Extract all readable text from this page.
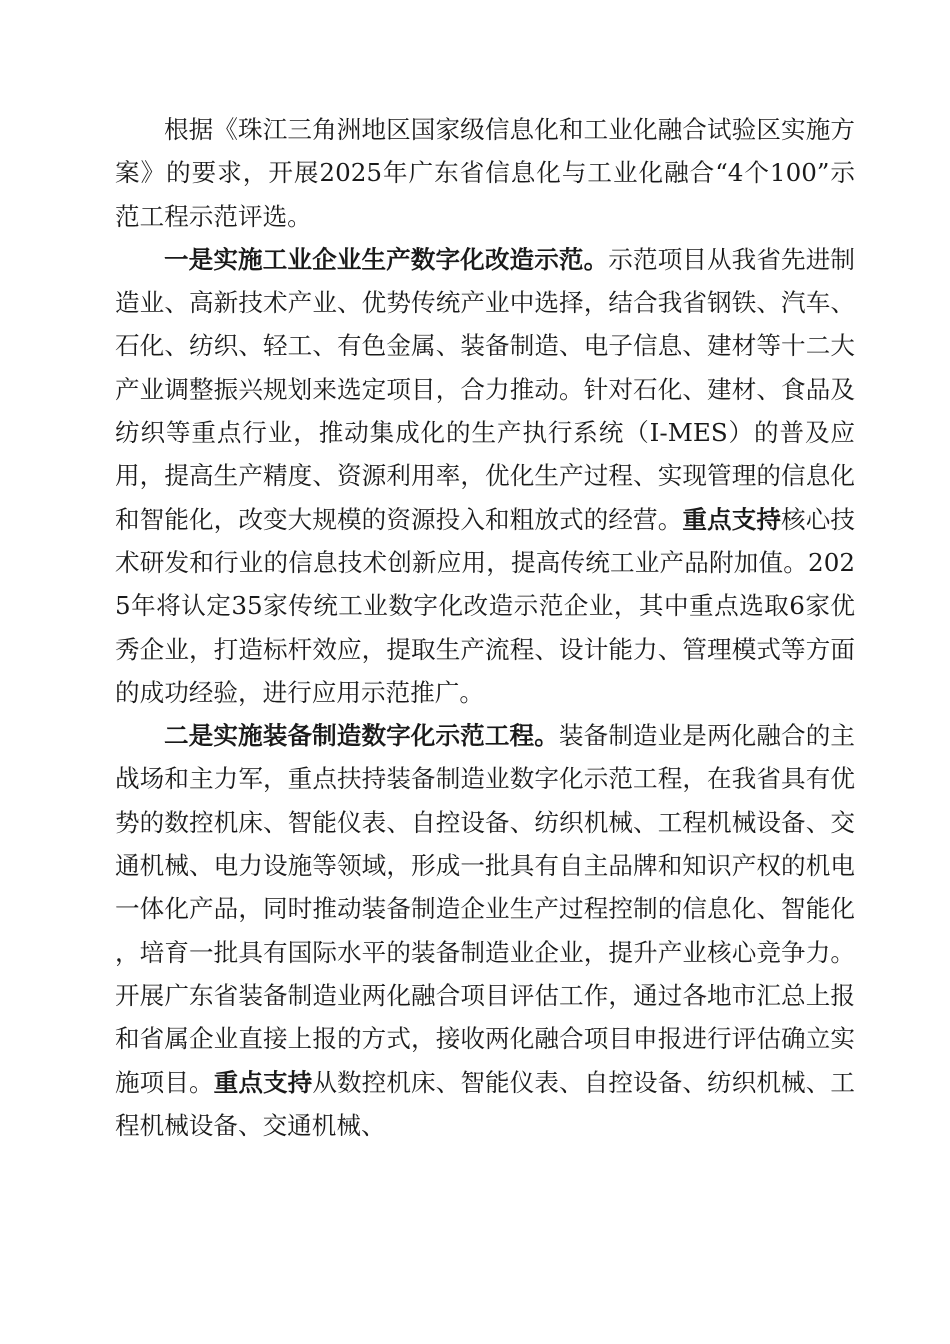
根据《珠江三角洲地区国家级信息化和工业化融合试验区实施方案》的要求，开展2025年广东省信息化与工业化融合“4个100”示范工程示范评选。

一是实施工业企业生产数字化改造示范。示范项目从我省先进制造业、高新技术产业、优势传统产业中选择，结合我省钢铁、汽车、石化、纺织、轻工、有色金属、装备制造、电子信息、建材等十二大产业调整振兴规划来选定项目，合力推动。针对石化、建材、食品及纺织等重点行业，推动集成化的生产执行系统（I-MES）的普及应用，提高生产精度、资源利用率，优化生产过程、实现管理的信息化和智能化，改变大规模的资源投入和粗放式的经营。重点支持核心技术研发和行业的信息技术创新应用，提高传统工业产品附加值。2025年将认定35家传统工业数字化改造示范企业，其中重点选取6家优秀企业，打造标杆效应，提取生产流程、设计能力、管理模式等方面的成功经验，进行应用示范推广。

二是实施装备制造数字化示范工程。装备制造业是两化融合的主战场和主力军，重点扶持装备制造业数字化示范工程，在我省具有优势的数控机床、智能仪表、自控设备、纺织机械、工程机械设备、交通机械、电力设施等领域，形成一批具有自主品牌和知识产权的机电一体化产品，同时推动装备制造企业生产过程控制的信息化、智能化，培育一批具有国际水平的装备制造业企业，提升产业核心竞争力。开展广东省装备制造业两化融合项目评估工作，通过各地市汇总上报和省属企业直接上报的方式，接收两化融合项目申报进行评估确立实施项目。重点支持从数控机床、智能仪表、自控设备、纺织机械、工程机械设备、交通机械、
